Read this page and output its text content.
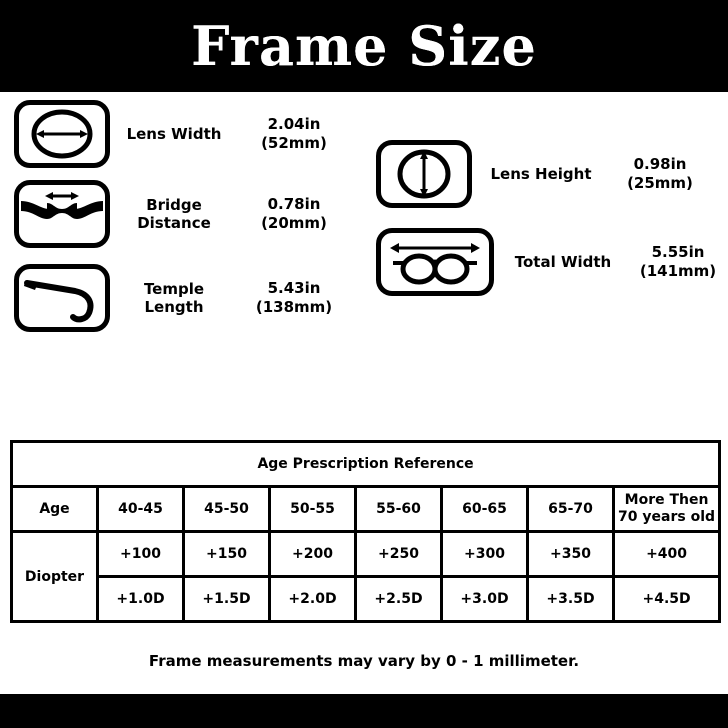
Frame Size
Lens Width
2.04in
(52mm)
Bridge
Distance
0.78in
(20mm)
Temple
Length
5.43in
(138mm)
Lens Height
0.98in
(25mm)
Total Width
5.55in
(141mm)
Age Prescription Reference							
Age	40-45	45-50	50-55	55-60	60-65	65-70	More Then
70 years old

Diopter	+100	+150	+200	+250	+300	+350	+400
	+1.0D	+1.5D	+2.0D	+2.5D	+3.0D	+3.5D	+4.5D
Frame measurements may vary by 0 - 1 millimeter.
